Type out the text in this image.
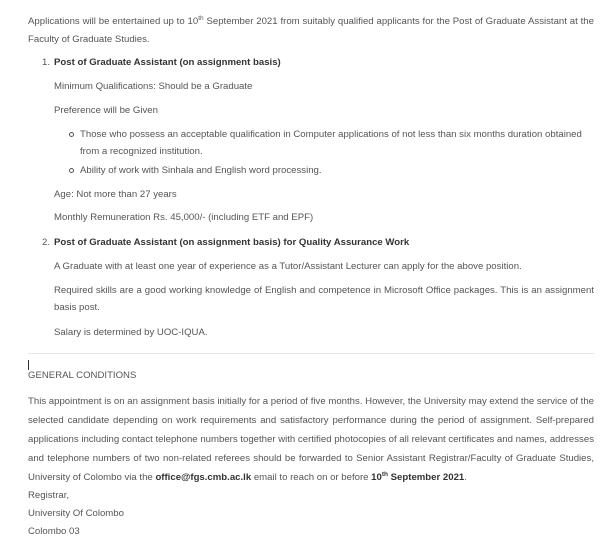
Applications will be entertained up to 10th September 2021 from suitably qualified applicants for the Post of Graduate Assistant at the Faculty of Graduate Studies.

1. Post of Graduate Assistant (on assignment basis)

Minimum Qualifications: Should be a Graduate

Preference will be Given

Those who possess an acceptable qualification in Computer applications of not less than six months duration obtained from a recognized institution.
Ability of work with Sinhala and English word processing.

Age: Not more than 27 years

Monthly Remuneration Rs. 45,000/- (including ETF and EPF)

2. Post of Graduate Assistant (on assignment basis) for Quality Assurance Work

A Graduate with at least one year of experience as a Tutor/Assistant Lecturer can apply for the above position.

Required skills are a good working knowledge of English and competence in Microsoft Office packages. This is an assignment basis post.

Salary is determined by UOC-IQUA.

GENERAL CONDITIONS

This appointment is on an assignment basis initially for a period of five months. However, the University may extend the service of the selected candidate depending on work requirements and satisfactory performance during the period of assignment. Self-prepared applications including contact telephone numbers together with certified photocopies of all relevant certificates and names, addresses and telephone numbers of two non-related referees should be forwarded to Senior Assistant Registrar/Faculty of Graduate Studies, University of Colombo via the office@fgs.cmb.ac.lk email to reach on or before 10th September 2021.

Registrar,

University Of Colombo

Colombo 03
